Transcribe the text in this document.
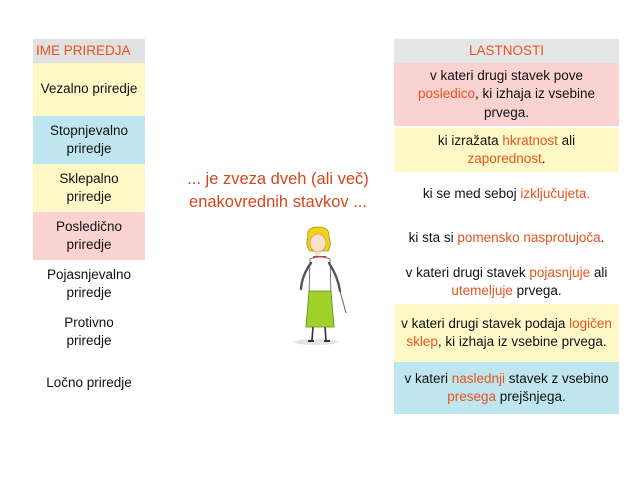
IME PRIREDJA	LASTNOSTI
Vezalno priredje
Stopnjevalno priredje
Sklepalno priredje
Posledično priredje
Pojasnjevalno priredje
Protivno priredje
Ločno priredje
v kateri drugi stavek pove posledico, ki izhaja iz vsebine prvega.
ki izražata hkratnost ali zaporednost.
ki se med seboj izključujeta.
ki sta si pomensko nasprotujoča.
v kateri drugi stavek pojasnjuje ali utemeljuje prvega.
v kateri drugi stavek podaja logičen sklep, ki izhaja iz vsebine prvega.
v kateri naslednji stavek z vsebino presega prejšnjega.
... je zveza dveh (ali več) enakovrednih stavkov ...
